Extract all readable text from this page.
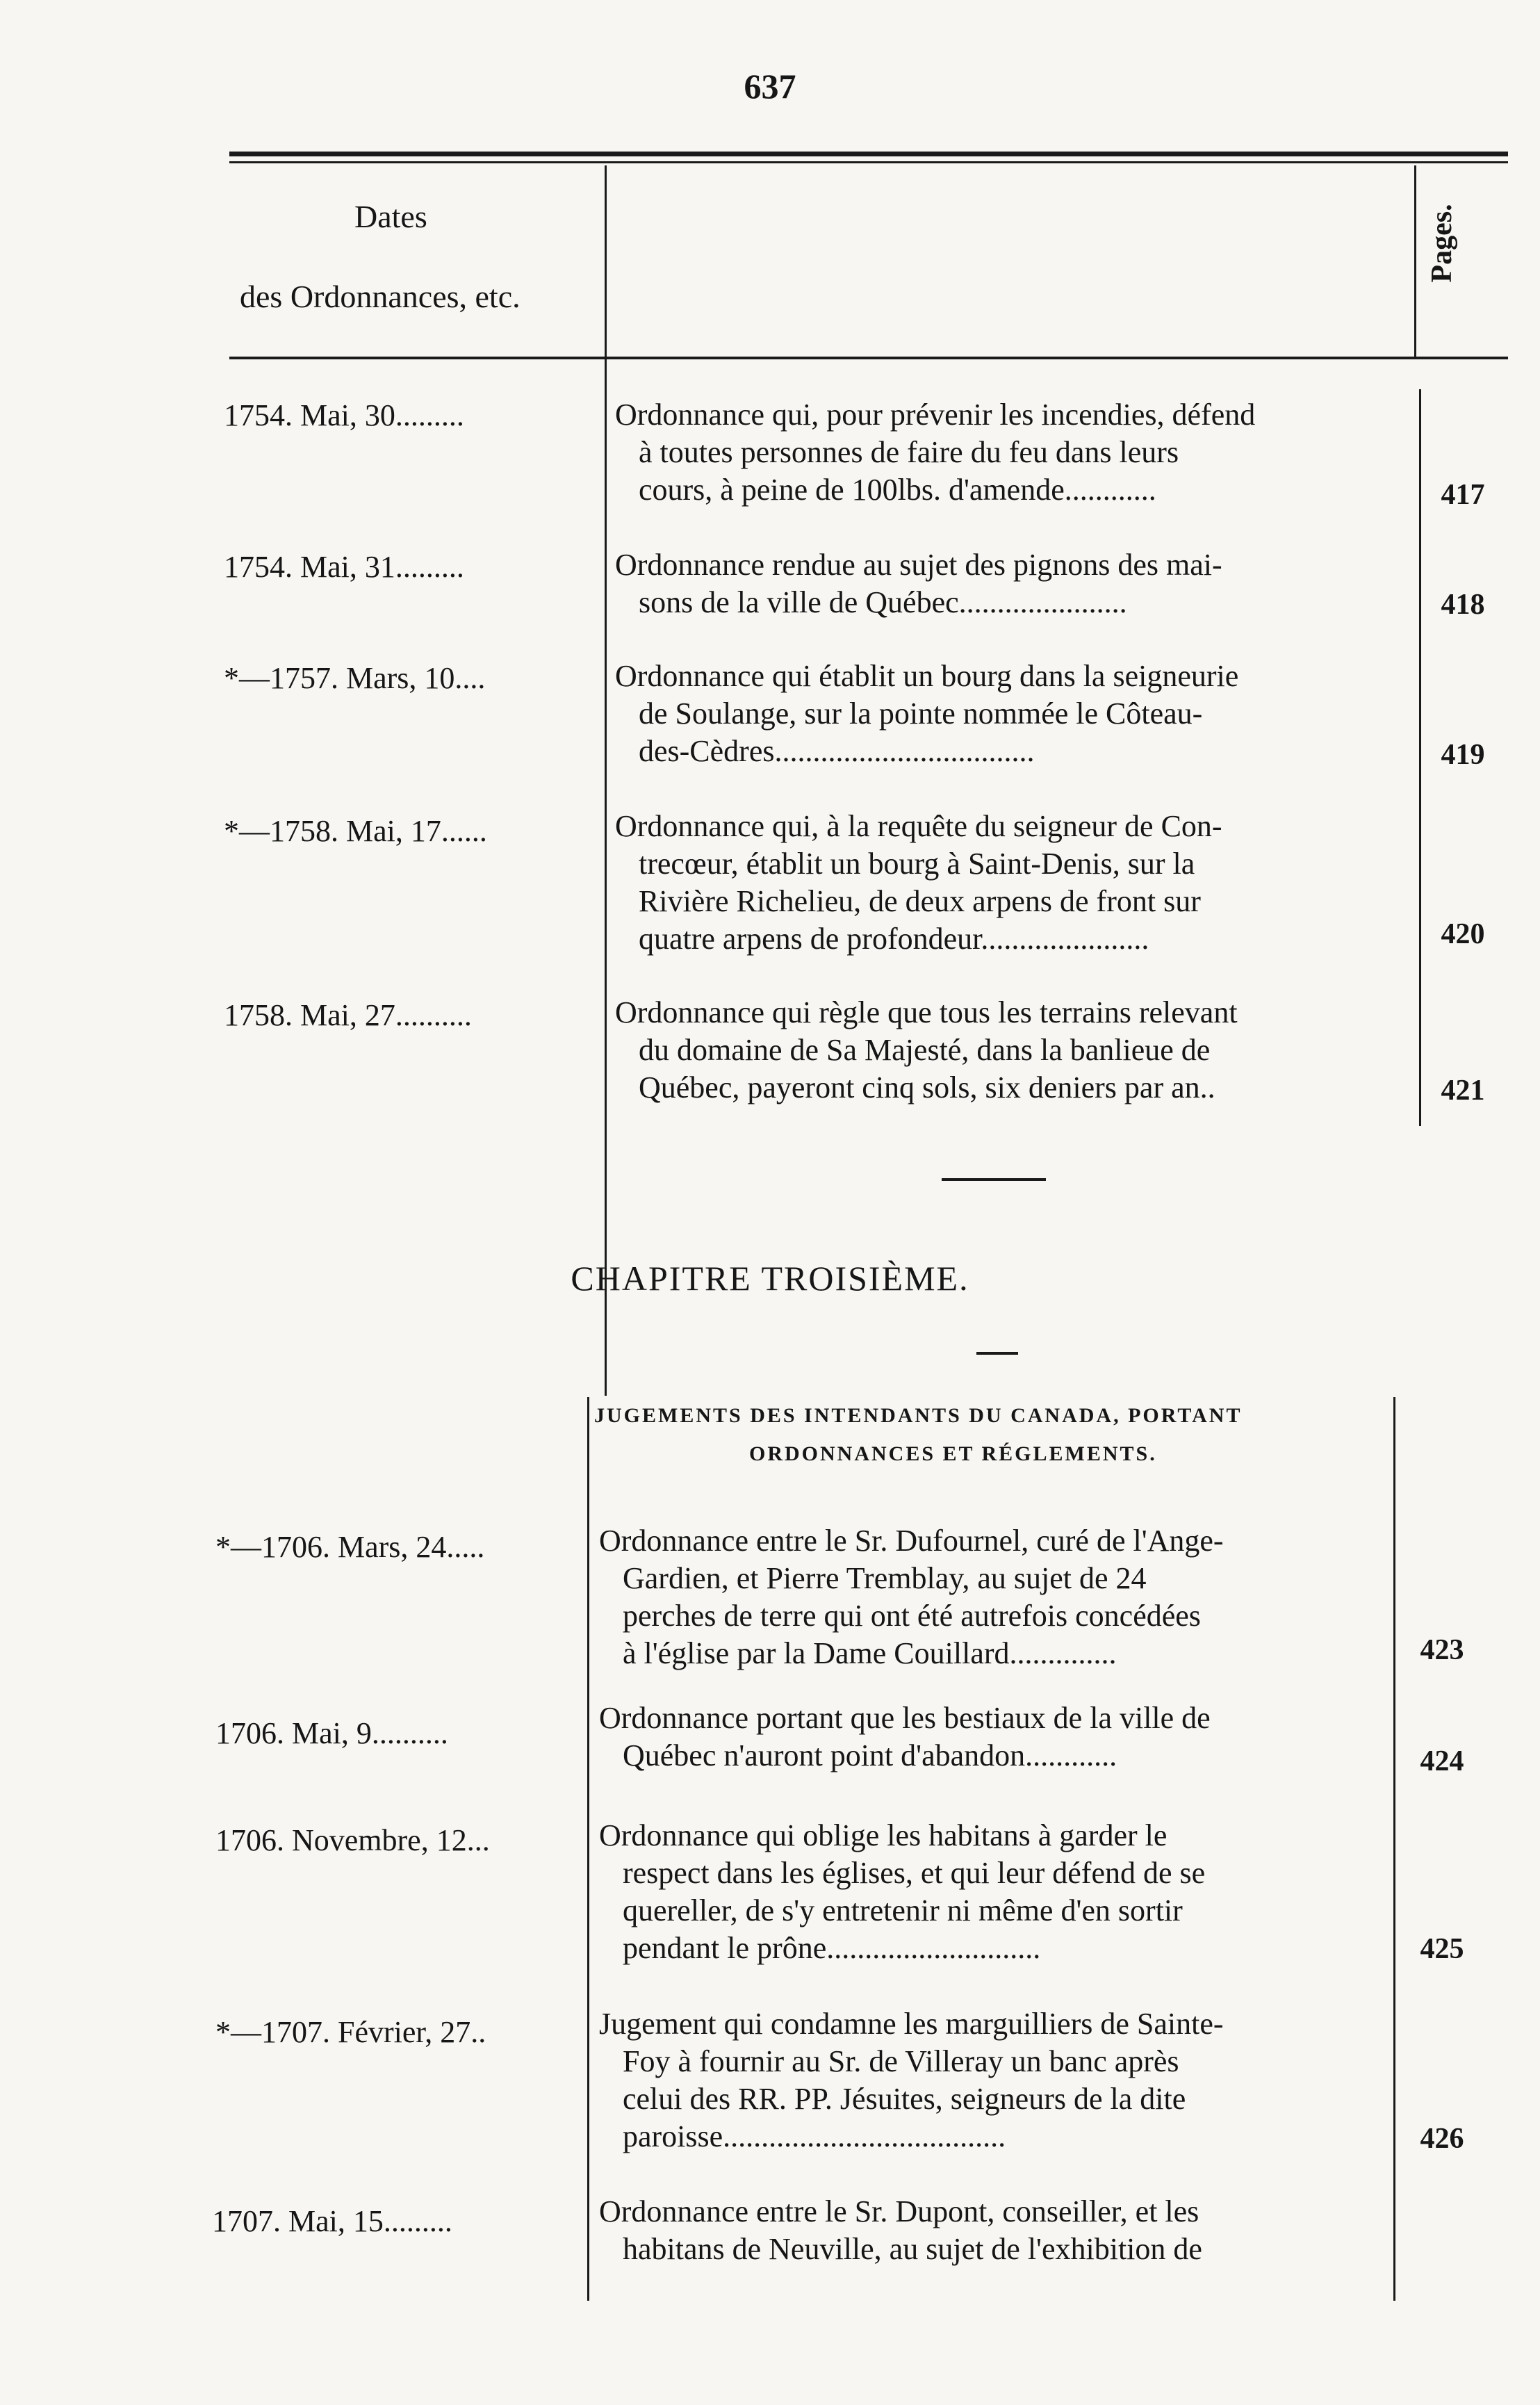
637
Dates
des Ordonnances, etc.
Pages.
1754. Mai, 30.........	Ordonnance qui, pour prévenir les incendies, défend
à toutes personnes de faire du feu dans leurs
cours, à peine de 100lbs. d'amende............	417
1754. Mai, 31.........	Ordonnance rendue au sujet des pignons des mai-
sons de la ville de Québec......................	418
*—1757. Mars, 10....	Ordonnance qui établit un bourg dans la seigneurie
de Soulange, sur la pointe nommée le Côteau-
des-Cèdres..................................	419
*—1758. Mai, 17......	Ordonnance qui, à la requête du seigneur de Con-
trecœur, établit un bourg à Saint-Denis, sur la
Rivière Richelieu, de deux arpens de front sur
quatre arpens de profondeur......................	420
1758. Mai, 27..........	Ordonnance qui règle que tous les terrains relevant
du domaine de Sa Majesté, dans la banlieue de
Québec, payeront cinq sols, six deniers par an..	421
CHAPITRE TROISIÈME.
JUGEMENTS DES INTENDANTS DU CANADA, PORTANT
ORDONNANCES ET RÉGLEMENTS.
*—1706. Mars, 24.....	Ordonnance entre le Sr. Dufournel, curé de l'Ange-
Gardien, et Pierre Tremblay, au sujet de 24
perches de terre qui ont été autrefois concédées
à l'église par la Dame Couillard..............	423
1706. Mai, 9..........	Ordonnance portant que les bestiaux de la ville de
Québec n'auront point d'abandon............	424
1706. Novembre, 12...	Ordonnance qui oblige les habitans à garder le
respect dans les églises, et qui leur défend de se
quereller, de s'y entretenir ni même d'en sortir
pendant le prône............................	425
*—1707. Février, 27..	Jugement qui condamne les marguilliers de Sainte-
Foy à fournir au Sr. de Villeray un banc après
celui des RR. PP. Jésuites, seigneurs de la dite
paroisse.....................................	426
1707. Mai, 15.........	Ordonnance entre le Sr. Dupont, conseiller, et les
habitans de Neuville, au sujet de l'exhibition de
